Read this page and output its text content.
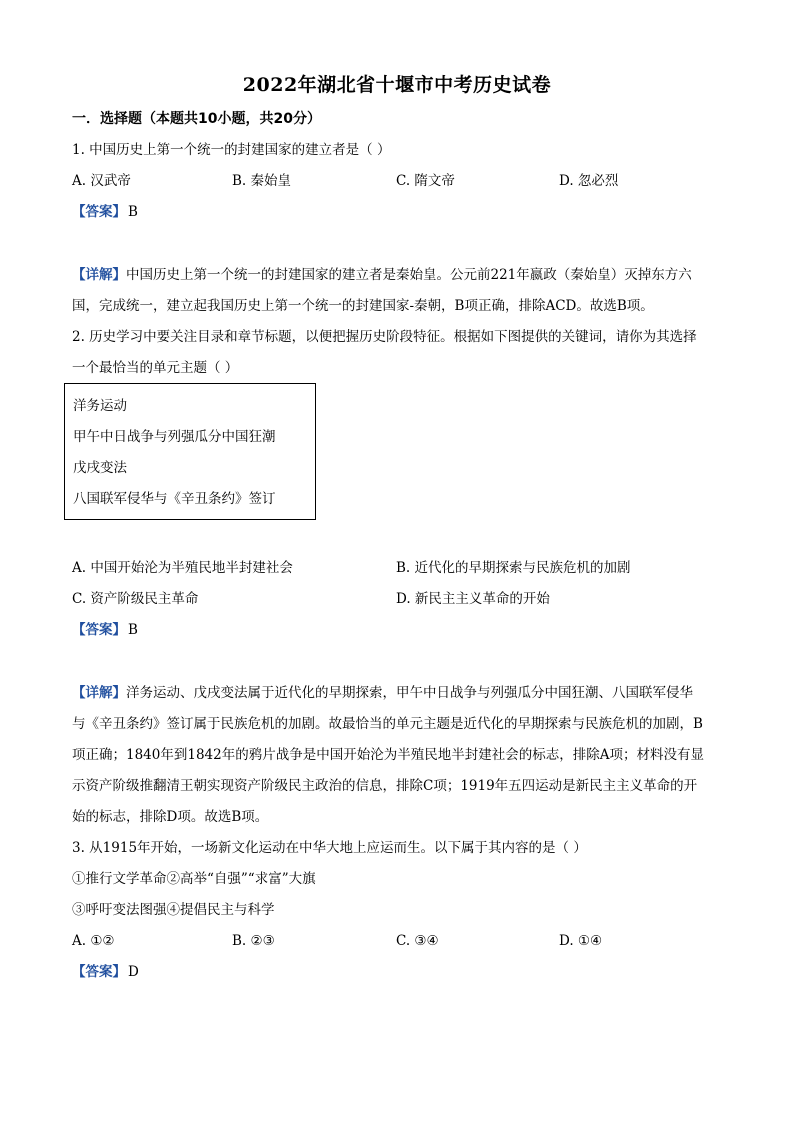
2022年湖北省十堰市中考历史试卷
一．选择题（本题共10小题，共20分）
1. 中国历史上第一个统一的封建国家的建立者是（ ）
A. 汉武帝	B. 秦始皇	C. 隋文帝	D. 忽必烈
【答案】 B
【详解】中国历史上第一个统一的封建国家的建立者是秦始皇。公元前221年嬴政（秦始皇）灭掉东方六
国，完成统一，建立起我国历史上第一个统一的封建国家-秦朝，B项正确，排除ACD。故选B项。
2. 历史学习中要关注目录和章节标题，以便把握历史阶段特征。根据如下图提供的关键词，请你为其选择
一个最恰当的单元主题（ ）
洋务运动
甲午中日战争与列强瓜分中国狂潮
戊戌变法
八国联军侵华与《辛丑条约》签订
A. 中国开始沦为半殖民地半封建社会	B. 近代化的早期探索与民族危机的加剧
C. 资产阶级民主革命	D. 新民主主义革命的开始
【答案】 B
【详解】洋务运动、戊戌变法属于近代化的早期探索，甲午中日战争与列强瓜分中国狂潮、八国联军侵华
与《辛丑条约》签订属于民族危机的加剧。故最恰当的单元主题是近代化的早期探索与民族危机的加剧，B
项正确；1840年到1842年的鸦片战争是中国开始沦为半殖民地半封建社会的标志，排除A项；材料没有显
示资产阶级推翻清王朝实现资产阶级民主政治的信息，排除C项；1919年五四运动是新民主主义革命的开
始的标志，排除D项。故选B项。
3. 从1915年开始，一场新文化运动在中华大地上应运而生。以下属于其内容的是（ ）
①推行文学革命②高举“自强”“求富”大旗
③呼吁变法图强④提倡民主与科学
A. ①②	B. ②③	C. ③④	D. ①④
【答案】 D
